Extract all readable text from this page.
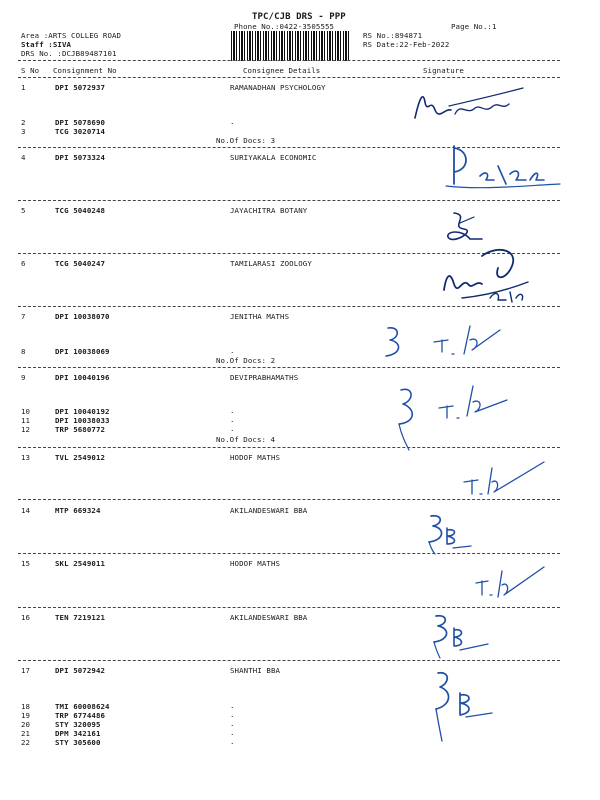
TPC/CJB DRS - PPP
Phone No.:0422-3505555	Page No.:1
Area :ARTS COLLEG ROAD
Staff :SIVA
DRS No. :DCJB89487101
RS No.:894871
RS Date:22-Feb-2022
S No Consignment No	Consignee Details	Signature
1	DPI 5072937	RAMANADHAN PSYCHOLOGY
2	DPI 5078690	.
3	TCG 3020714
No.Of Docs: 3
4	DPI 5073324	SURIYAKALA ECONOMIC
5	TCG 5040248	JAYACHITRA BOTANY
6	TCG 5040247	TAMILARASI ZOOLOGY
7	DPI 10038070	JENITHA MATHS
8	DPI 10038069	.
No.Of Docs: 2
9	DPI 10040196	DEVIPRABHAMATHS
10	DPI 10040192	.
11	DPI 10038033	.
12	TRP 5680772	.
No.Of Docs: 4
13	TVL 2549012	HODOF MATHS
14	MTP 669324	AKILANDESWARI BBA
15	SKL 2549011	HODOF MATHS
16	TEN 7219121	AKILANDESWARI BBA
17	DPI 5072942	SHANTHI BBA
18	TMI 60008624	.
19	TRP 6774486	.
20	STY 320095	.
21	DPM 342161	.
22	STY 305600	.
